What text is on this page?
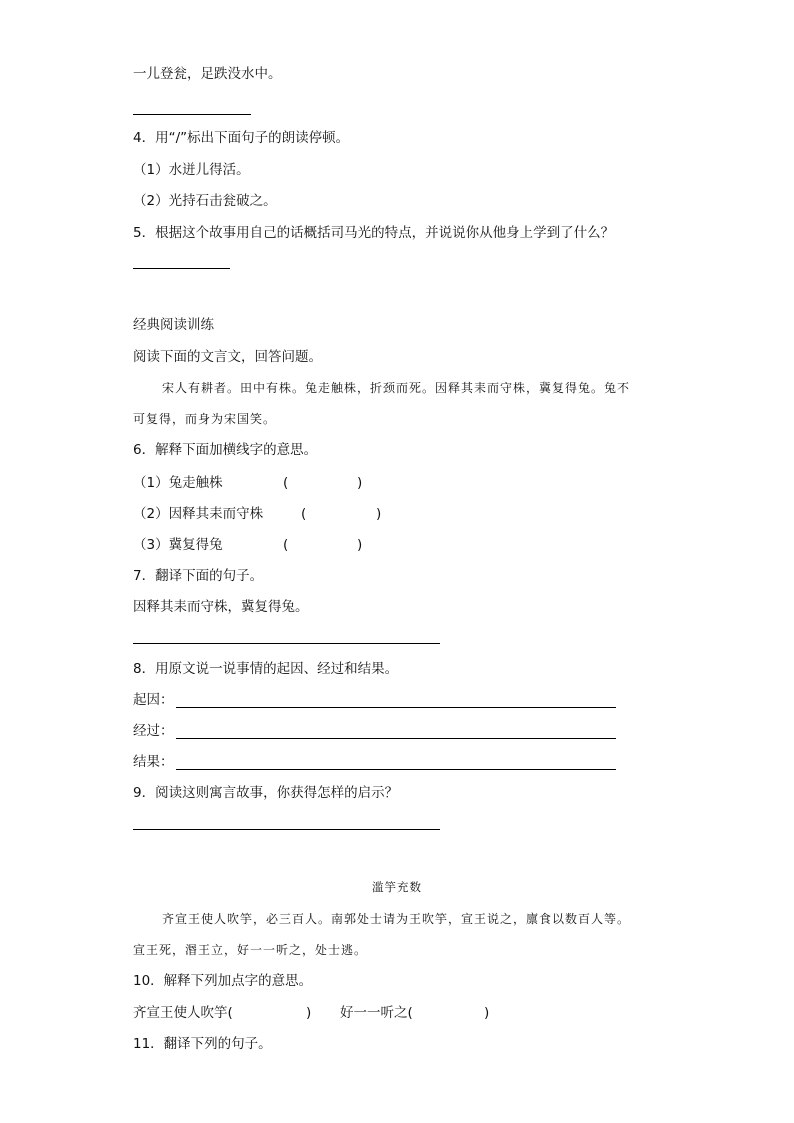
一儿登瓮，足跌没水中。
4．用“/”标出下面句子的朗读停顿。
（1）水迸儿得活。
（2）光持石击瓮破之。
5．根据这个故事用自己的话概括司马光的特点，并说说你从他身上学到了什么？
经典阅读训练
阅读下面的文言文，回答问题。
宋人有耕者。田中有株。兔走触株，折颈而死。因释其耒而守株，冀复得兔。兔不
可复得，而身为宋国笑。
6．解释下面加横线字的意思。
（1）兔走触株	(	)
（2）因释其耒而守株	(	)
（3）冀复得兔	(	)
7．翻译下面的句子。
因释其耒而守株，冀复得兔。
8．用原文说一说事情的起因、经过和结果。
起因：
经过：
结果：
9．阅读这则寓言故事，你获得怎样的启示？
滥竽充数
齐宣王使人吹竽，必三百人。南郭处士请为王吹竽，宣王说之，廪食以数百人等。
宣王死，湣王立，好一一听之，处士逃。
10．解释下列加点字的意思。
齐宣王使人吹竽(	) 好一一听之(	)
11．翻译下列的句子。
